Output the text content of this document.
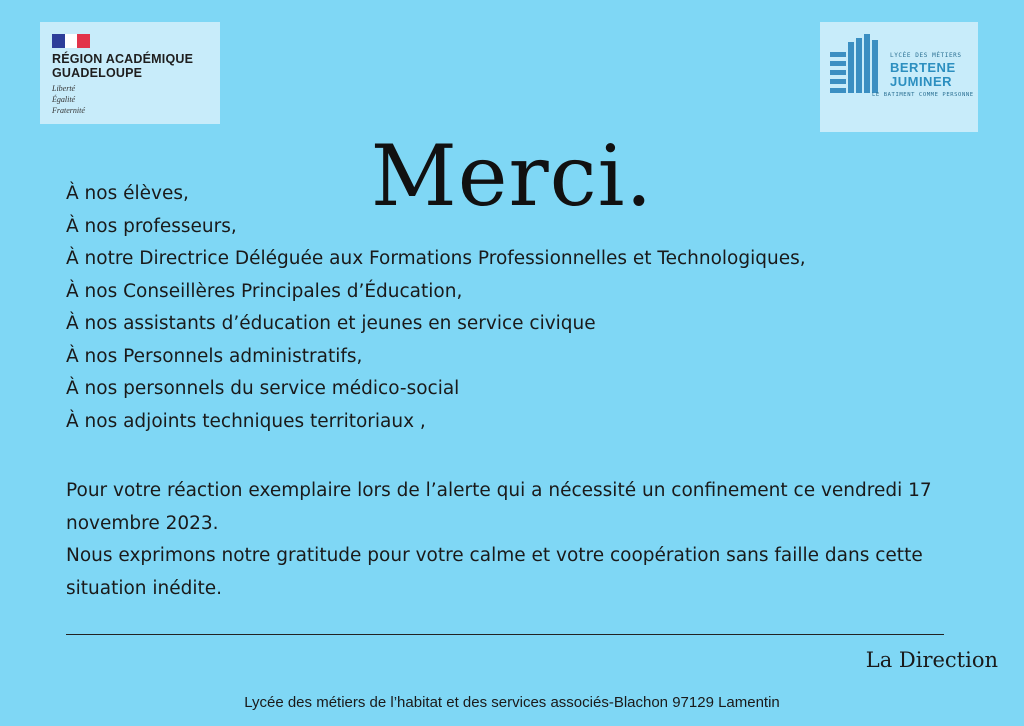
RÉGION ACADÉMIQUE
GUADELOUPE
Liberté
Égalité
Fraternité
LYCÉE DES MÉTIERS
BERTENE
JUMINER
LE BATIMENT COMME PERSONNE
Merci.
À nos élèves,
À nos professeurs,
À notre Directrice Déléguée aux Formations Professionnelles et Technologiques,
À nos Conseillères Principales d’Éducation,
À nos assistants d’éducation et jeunes en service civique
À nos Personnels administratifs,
À nos personnels du service médico-social
À nos adjoints techniques territoriaux ,

Pour votre réaction exemplaire lors de l’alerte qui a nécessité un confinement ce vendredi 17 novembre 2023.

Nous exprimons notre gratitude pour votre calme et votre coopération sans faille dans cette situation inédite.

La Direction
Lycée des métiers de l’habitat et des services associés-Blachon 97129 Lamentin
